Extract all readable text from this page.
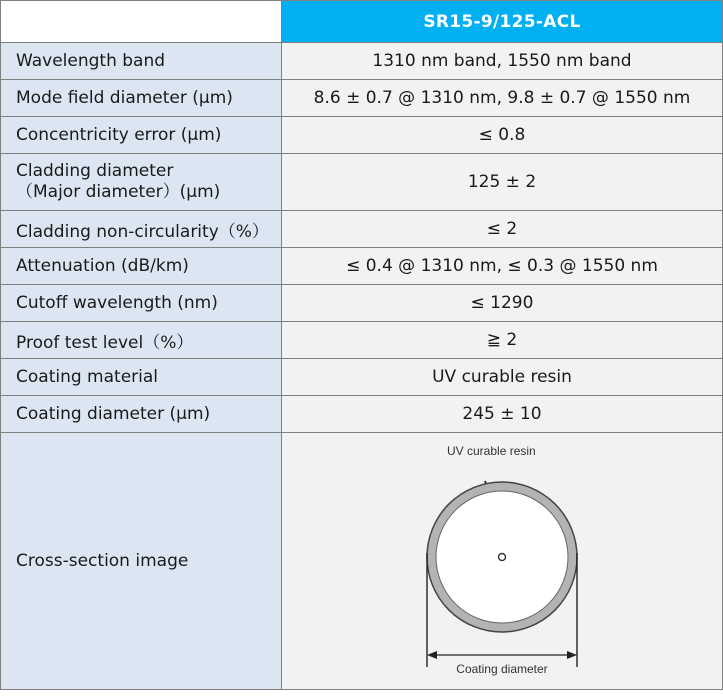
	SR15-9/125-ACL
Wavelength band	1310 nm band, 1550 nm band
Mode field diameter (μm)	8.6 ± 0.7 @ 1310 nm, 9.8 ± 0.7 @ 1550 nm
Concentricity error (μm)	≤ 0.8

Cladding diameter
（Major diameter）(μm)	125 ± 2
Cladding non-circularity（%）	≤ 2
Attenuation (dB/km)	≤ 0.4 @ 1310 nm, ≤ 0.3 @ 1550 nm
Cutoff wavelength (nm)	≤ 1290
Proof test level（%）	≧ 2
Coating material	UV curable resin
Coating diameter (μm)	245 ± 10
Cross-section image	UV curable resin
Coating diameter
